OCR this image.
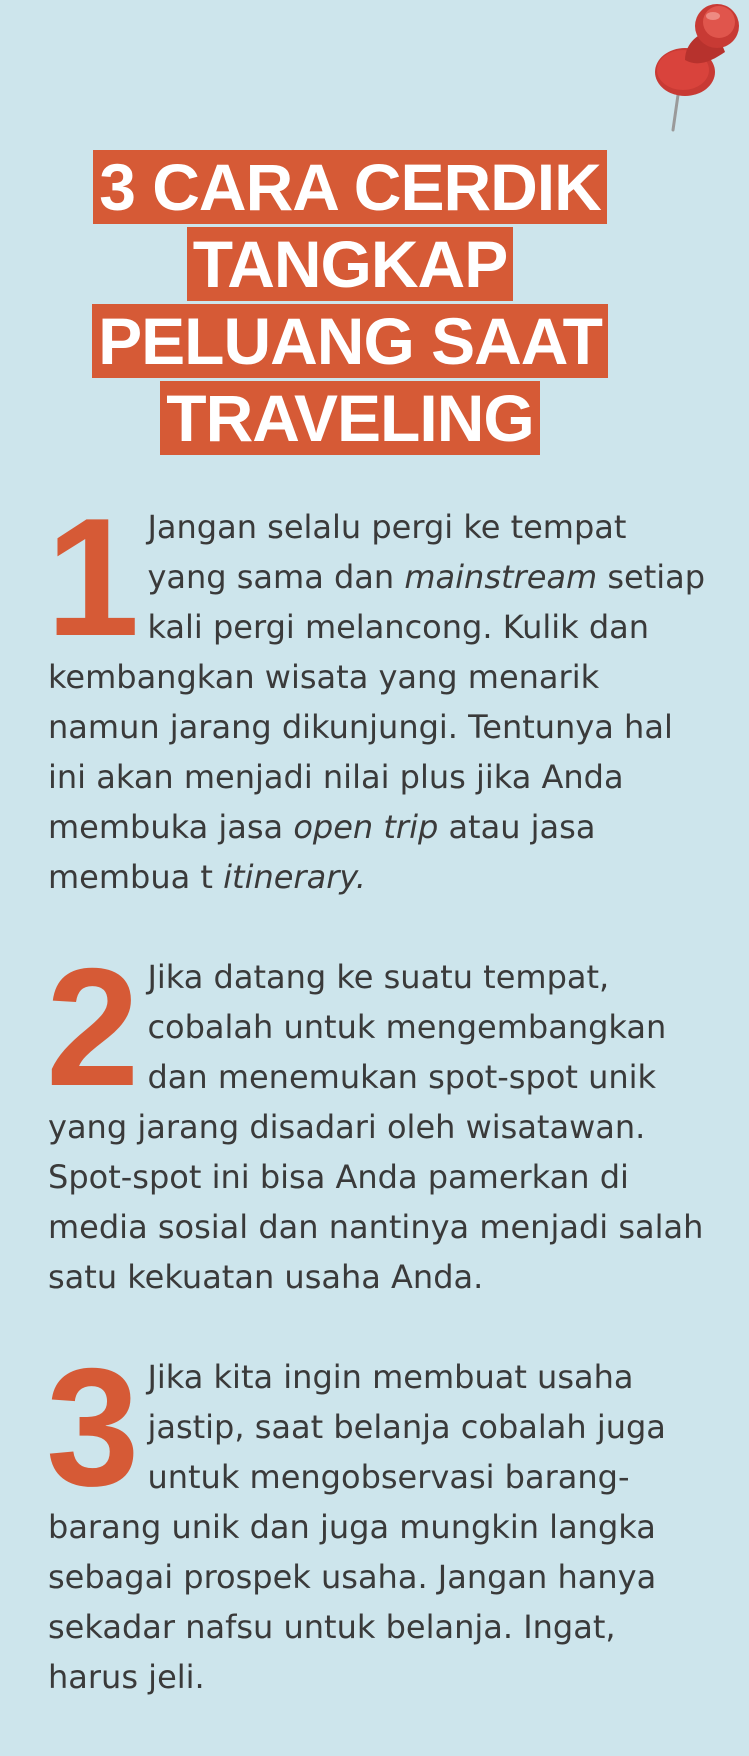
3 CARA CERDIK
TANGKAP
PELUANG SAAT
TRAVELING
1 Jangan selalu pergi ke tempat yang sama dan mainstream setiap kali pergi melancong. Kulik dan kembangkan wisata yang menarik namun jarang dikunjungi. Tentunya hal ini akan menjadi nilai plus jika Anda membuka jasa open trip atau jasa membua t itinerary.
2 Jika datang ke suatu tempat, cobalah untuk mengembangkan dan menemukan spot-spot unik yang jarang disadari oleh wisatawan. Spot-spot ini bisa Anda pamerkan di media sosial dan nantinya menjadi salah satu kekuatan usaha Anda.
3 Jika kita ingin membuat usaha jastip, saat belanja cobalah juga untuk mengobservasi barang-barang unik dan juga mungkin langka sebagai prospek usaha. Jangan hanya sekadar nafsu untuk belanja. Ingat, harus jeli.
